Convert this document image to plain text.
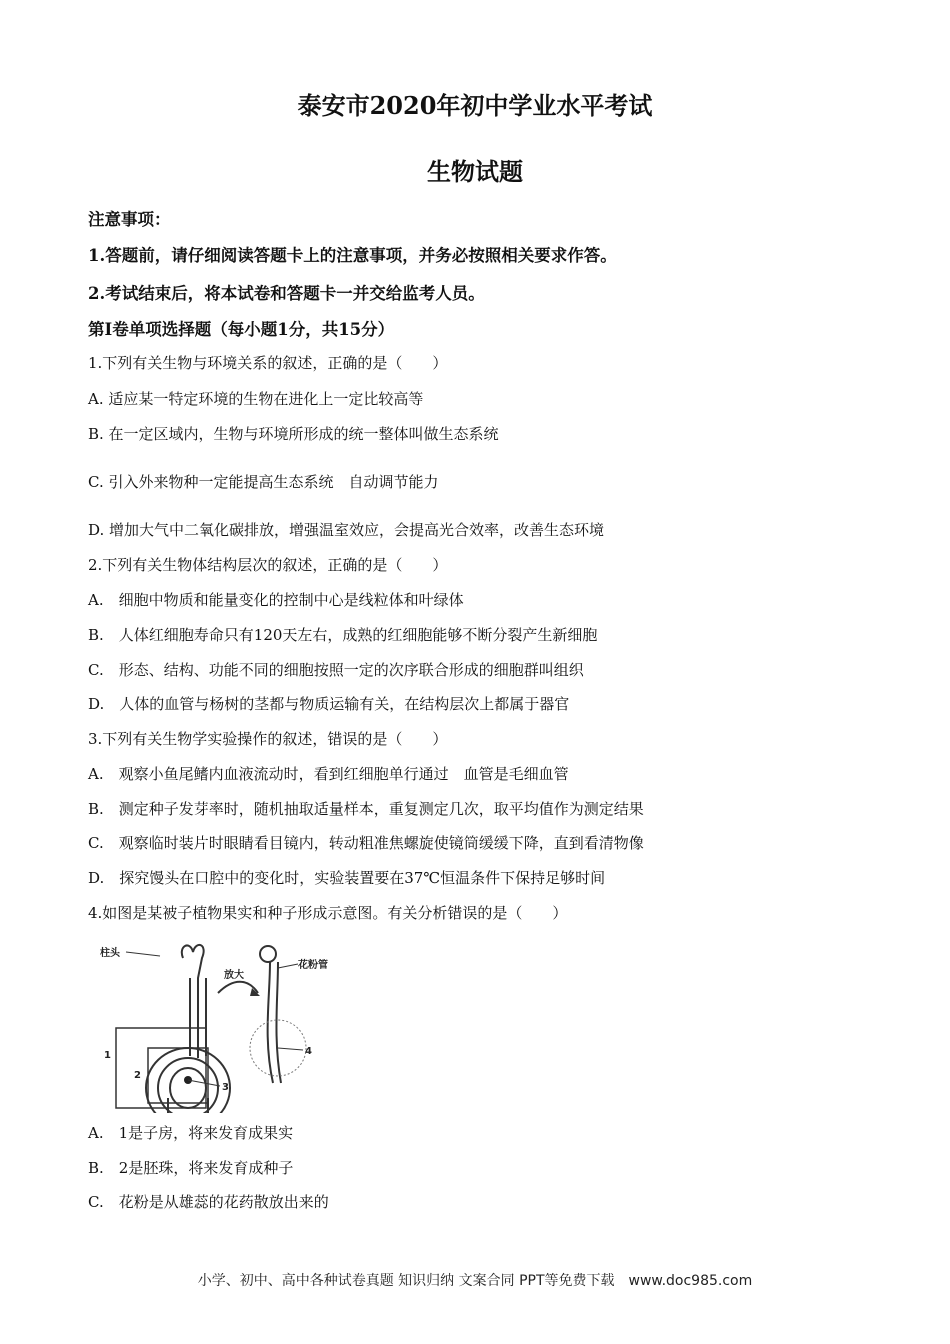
泰安市2020年初中学业水平考试
生物试题
注意事项：
1.答题前，请仔细阅读答题卡上的注意事项，并务必按照相关要求作答。
2.考试结束后，将本试卷和答题卡一并交给监考人员。
第Ⅰ卷单项选择题（每小题1分，共15分）
1.下列有关生物与环境关系的叙述，正确的是（　　）
A. 适应某一特定环境的生物在进化上一定比较高等
B. 在一定区域内，生物与环境所形成的统一整体叫做生态系统
C. 引入外来物种一定能提高生态系统　自动调节能力
D. 增加大气中二氧化碳排放，增强温室效应，会提高光合效率，改善生态环境
2.下列有关生物体结构层次的叙述，正确的是（　　）
A.　细胞中物质和能量变化的控制中心是线粒体和叶绿体
B.　人体红细胞寿命只有120天左右，成熟的红细胞能够不断分裂产生新细胞
C.　形态、结构、功能不同的细胞按照一定的次序联合形成的细胞群叫组织
D.　人体的血管与杨树的茎都与物质运输有关，在结构层次上都属于器官
3.下列有关生物学实验操作的叙述，错误的是（　　）
A.　观察小鱼尾鳍内血液流动时，看到红细胞单行通过　血管是毛细血管
B.　测定种子发芽率时，随机抽取适量样本，重复测定几次，取平均值作为测定结果
C.　观察临时装片时眼睛看目镜内，转动粗准焦螺旋使镜筒缓缓下降，直到看清物像
D.　探究馒头在口腔中的变化时，实验装置要在37℃恒温条件下保持足够时间
4.如图是某被子植物果实和种子形成示意图。有关分析错误的是（　　）
柱头
放大
花粉管
4
3
2
1
A.　1是子房，将来发育成果实
B.　2是胚珠，将来发育成种子
C.　花粉是从雄蕊的花药散放出来的
小学、初中、高中各种试卷真题 知识归纳 文案合同 PPT等免费下载　www.doc985.com
